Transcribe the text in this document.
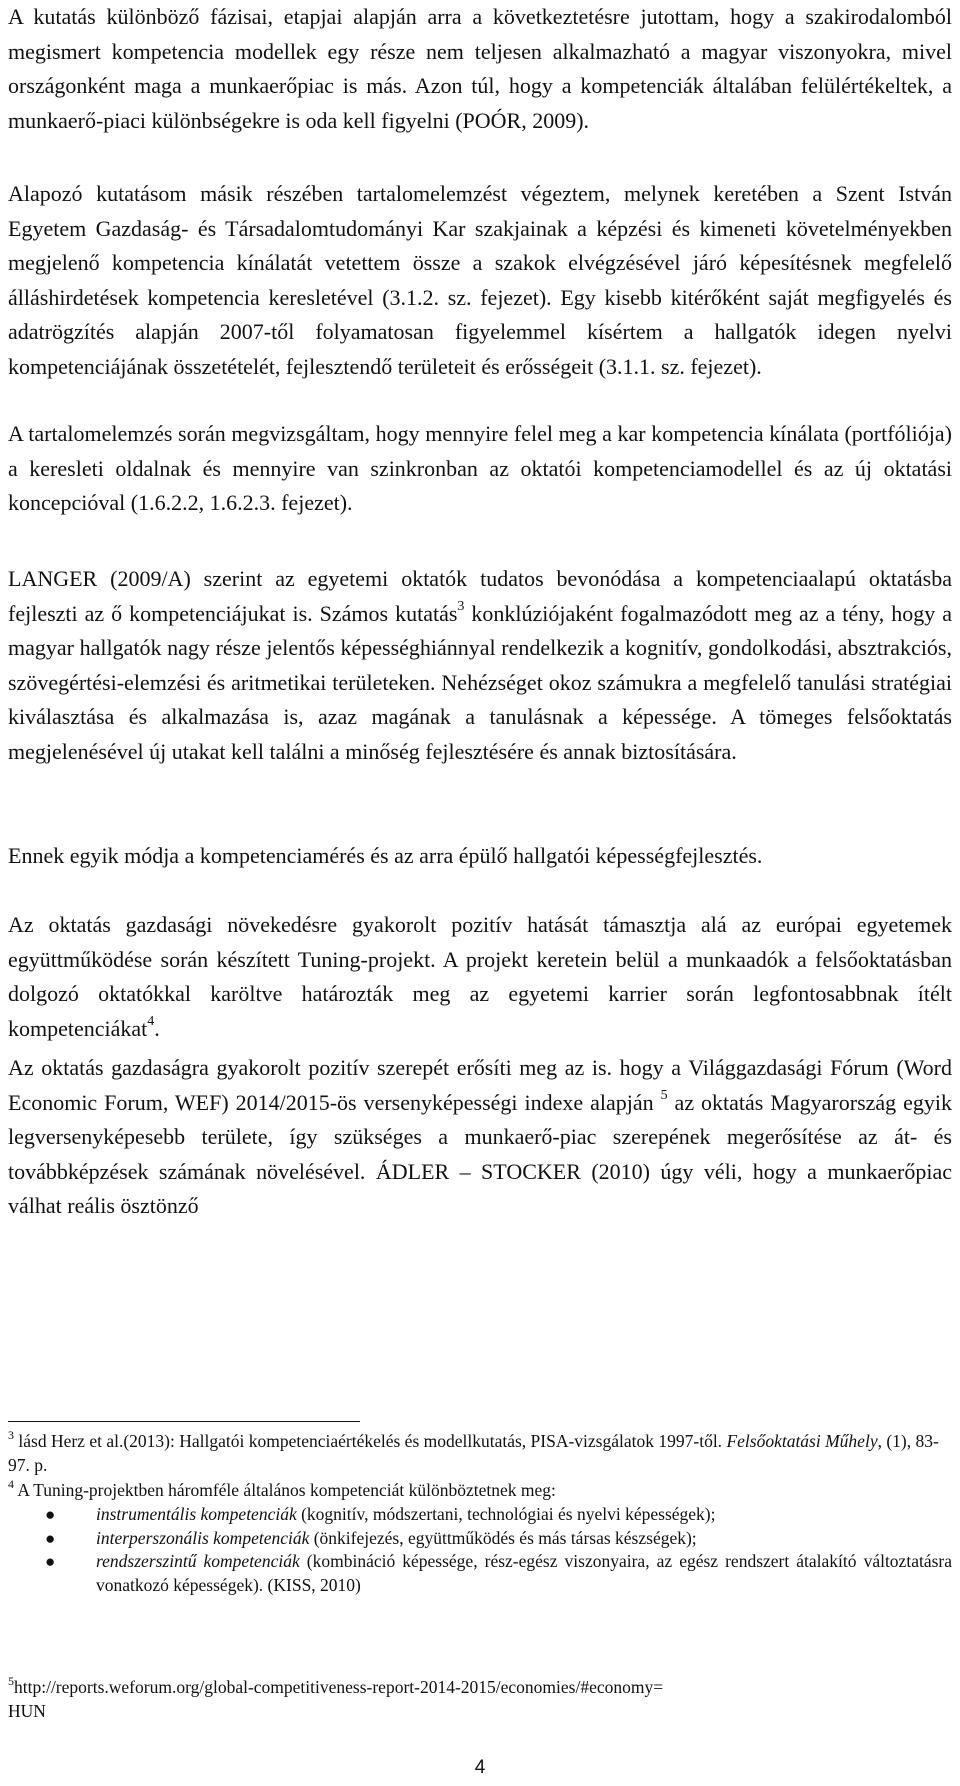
A kutatás különböző fázisai, etapjai alapján arra a következtetésre jutottam, hogy a szakirodalomból megismert kompetencia modellek egy része nem teljesen alkalmazható a magyar viszonyokra, mivel országonként maga a munkaerőpiac is más. Azon túl, hogy a kompetenciák általában felülértékeltek, a munkaerő-piaci különbségekre is oda kell figyelni (POÓR, 2009).

Alapozó kutatásom másik részében tartalomelemzést végeztem, melynek keretében a Szent István Egyetem Gazdaság- és Társadalomtudományi Kar szakjainak a képzési és kimeneti követelményekben megjelenő kompetencia kínálatát vetettem össze a szakok elvégzésével járó képesítésnek megfelelő álláshirdetések kompetencia keresletével (3.1.2. sz. fejezet). Egy kisebb kitérőként saját megfigyelés és adatrögzítés alapján 2007-től folyamatosan figyelemmel kísértem a hallgatók idegen nyelvi kompetenciájának összetételét, fejlesztendő területeit és erősségeit (3.1.1. sz. fejezet).

A tartalomelemzés során megvizsgáltam, hogy mennyire felel meg a kar kompetencia kínálata (portfóliója) a keresleti oldalnak és mennyire van szinkronban az oktatói kompetenciamodellel és az új oktatási koncepcióval (1.6.2.2, 1.6.2.3. fejezet).

LANGER (2009/A) szerint az egyetemi oktatók tudatos bevonódása a kompetenciaalapú oktatásba fejleszti az ő kompetenciájukat is. Számos kutatás$^3$ konklúziójaként fogalmazódott meg az a tény, hogy a magyar hallgatók nagy része jelentős képességhiánnyal rendelkezik a kognitív, gondolkodási, absztrakciós, szövegértési-elemzési és aritmetikai területeken. Nehézséget okoz számukra a megfelelő tanulási stratégiai kiválasztása és alkalmazása is, azaz magának a tanulásnak a képessége. A tömeges felsőoktatás megjelenésével új utakat kell találni a minőség fejlesztésére és annak biztosítására.

Ennek egyik módja a kompetenciamérés és az arra épülő hallgatói képességfejlesztés.

Az oktatás gazdasági növekedésre gyakorolt pozitív hatását támasztja alá az európai egyetemek együttműködése során készített Tuning-projekt. A projekt keretein belül a munkaadók a felsőoktatásban dolgozó oktatókkal karöltve határozták meg az egyetemi karrier során legfontosabbnak ítélt kompetenciákat$^4$.

Az oktatás gazdaságra gyakorolt pozitív szerepét erősíti meg az is. hogy a Világgazdasági Fórum (Word Economic Forum, WEF) 2014/2015-ös versenyképességi indexe alapján $^5$ az oktatás Magyarország egyik legversenyképesebb területe, így szükséges a munkaerő-piac szerepének megerősítése az át- és továbbképzések számának növelésével. ÁDLER – STOCKER (2010) úgy véli, hogy a munkaerőpiac válhat reális ösztönző

$^3$ lásd Herz et al.(2013): Hallgatói kompetenciaértékelés és modellkutatás, PISA-vizsgálatok 1997-től. Felsőoktatási Műhely, (1), 83-97. p.

$^4$ A Tuning-projektben háromféle általános kompetenciát különböztetnek meg:

● instrumentális kompetenciák (kognitív, módszertani, technológiai és nyelvi képességek);
● interperszonális kompetenciák (önkifejezés, együttműködés és más társas készségek);
● rendszerszintű kompetenciák (kombináció képessége, rész-egész viszonyaira, az egész rendszert átalakító változtatásra vonatkozó képességek). (KISS, 2010)

$^5$http://reports.weforum.org/global-competitiveness-report-2014-2015/economies/#economy=HUN

4
